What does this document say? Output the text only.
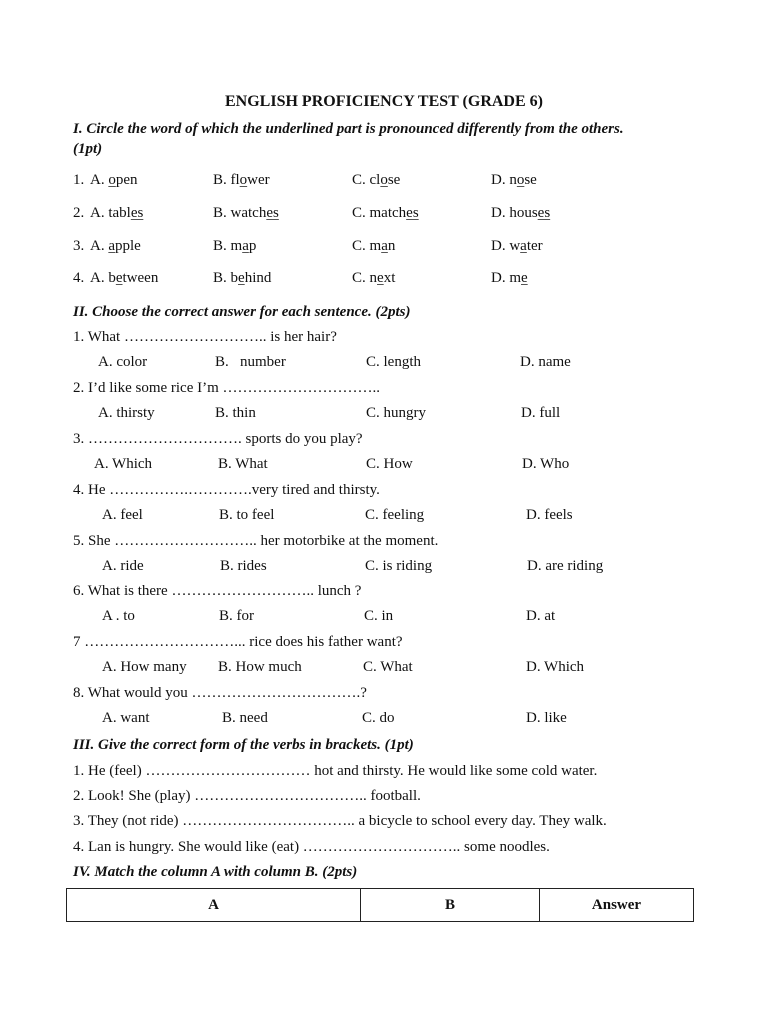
ENGLISH PROFICIENCY TEST (GRADE 6)
I. Circle the word of which the underlined part is pronounced differently from the others.
(1pt)
1. A. open	B. flower	C. close	D. nose
2. A. tables	B. watches	C. matches	D. houses
3. A. apple	B. map	C. man	D. water
4. A. between	B. behind	C. next	D. me
II. Choose the correct answer for each sentence. (2pts)
1. What ……………………….. is her hair?
A. color	B.   number	C. length	D. name
2. I’d like some rice I’m …………………………..
A. thirsty	B. thin	C. hungry	D. full
3. …………………………. sports do you play?
A. Which	B. What	C. How	D. Who
4. He …………….………….very tired and thirsty.
A. feel	B. to feel	C. feeling	D. feels
5. She ……………………….. her motorbike at the moment.
A. ride	B. rides	C. is riding	D. are riding
6. What is there ……………………….. lunch ?
A . to	B. for	C. in	D. at
7 …………………………... rice does his father want?
A. How many B. How much	C. What	D. Which
8. What would you …………………………….?
A. want	B. need	C. do	D. like
III. Give the correct form of the verbs in brackets. (1pt)
1. He (feel) …………………………… hot and thirsty. He would like some cold water.
2. Look! She (play) …………………………….. football.
3. They (not ride) …………………………….. a bicycle to school every day. They walk.
4. Lan is hungry. She would like (eat) ………………………….. some noodles.
IV. Match the column A with column B. (2pts)
A	B	Answer
